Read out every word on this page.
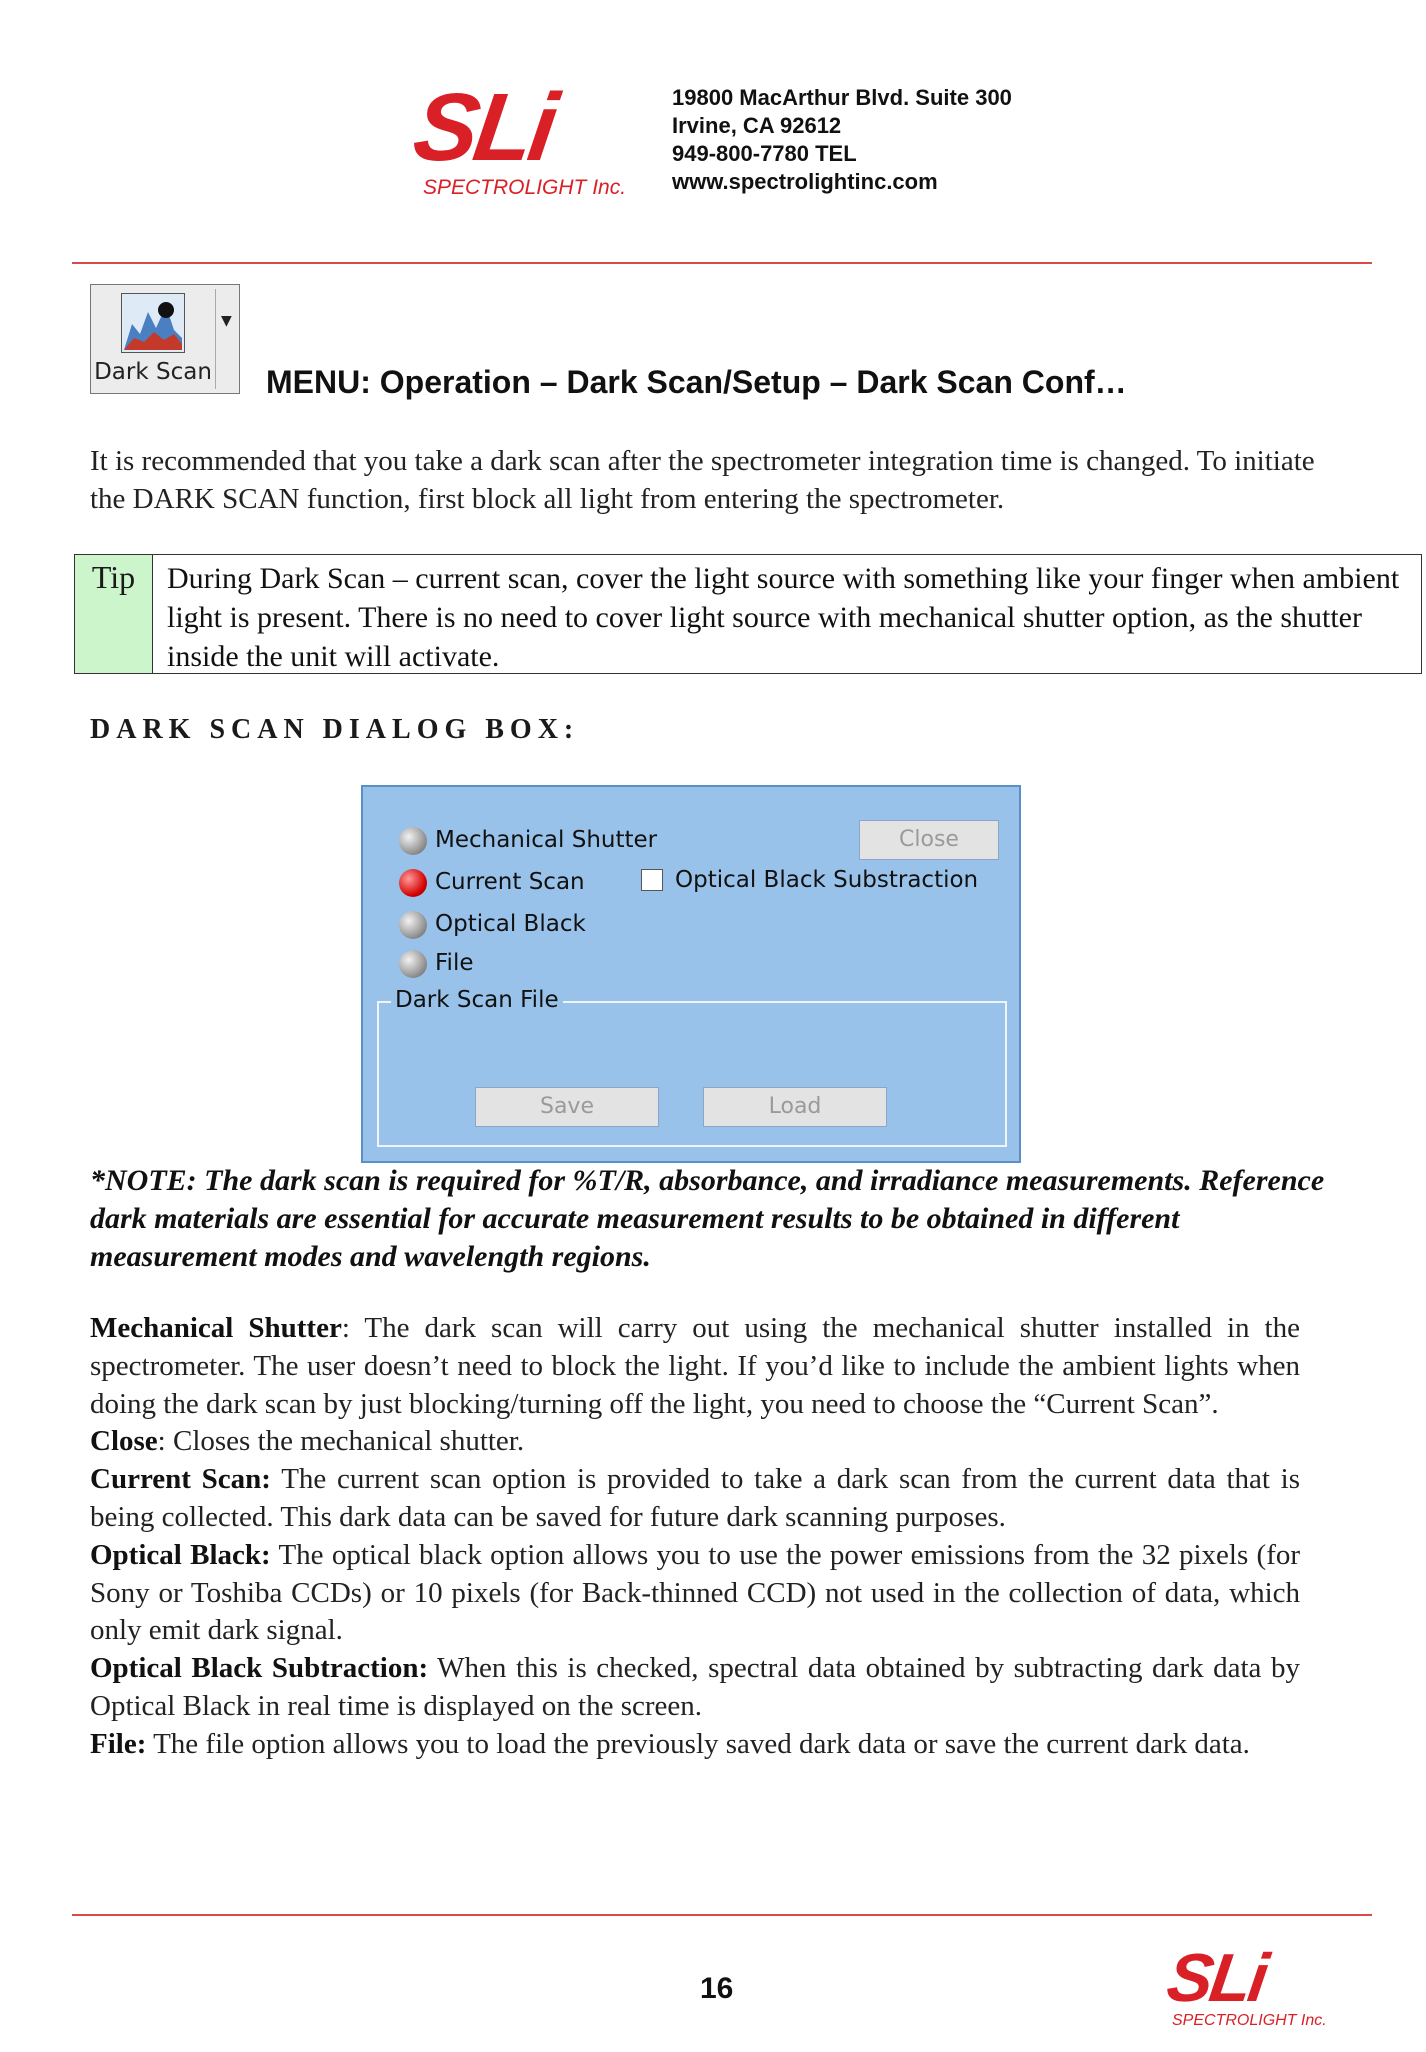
SLi
SPECTROLIGHT Inc.
19800 MacArthur Blvd. Suite 300
Irvine, CA 92612
949-800-7780 TEL
www.spectrolightinc.com
▼
Dark Scan MENU: Operation – Dark Scan/Setup – Dark Scan Conf…
It is recommended that you take a dark scan after the spectrometer integration time is changed. To initiate the DARK SCAN function, first block all light from entering the spectrometer.
Tip	During Dark Scan – current scan, cover the light source with something like your finger when ambient light is present. There is no need to cover light source with mechanical shutter option, as the shutter inside the unit will activate.
DARK SCAN DIALOG BOX:
Mechanical Shutter
Current Scan
Optical Black
File
Close
Optical Black Substraction
Dark Scan File
Save	Load
*NOTE: The dark scan is required for %T/R, absorbance, and irradiance measurements. Reference dark materials are essential for accurate measurement results to be obtained in different measurement modes and wavelength regions.

Mechanical Shutter: The dark scan will carry out using the mechanical shutter installed in the spectrometer. The user doesn’t need to block the light. If you’d like to include the ambient lights when doing the dark scan by just blocking/turning off the light, you need to choose the “Current Scan”.

Close: Closes the mechanical shutter.

Current Scan: The current scan option is provided to take a dark scan from the current data that is being collected. This dark data can be saved for future dark scanning purposes.

Optical Black: The optical black option allows you to use the power emissions from the 32 pixels (for Sony or Toshiba CCDs) or 10 pixels (for Back-thinned CCD) not used in the collection of data, which only emit dark signal.

Optical Black Subtraction: When this is checked, spectral data obtained by subtracting dark data by Optical Black in real time is displayed on the screen.

File: The file option allows you to load the previously saved dark data or save the current dark data.

16	SLi
SPECTROLIGHT Inc.
